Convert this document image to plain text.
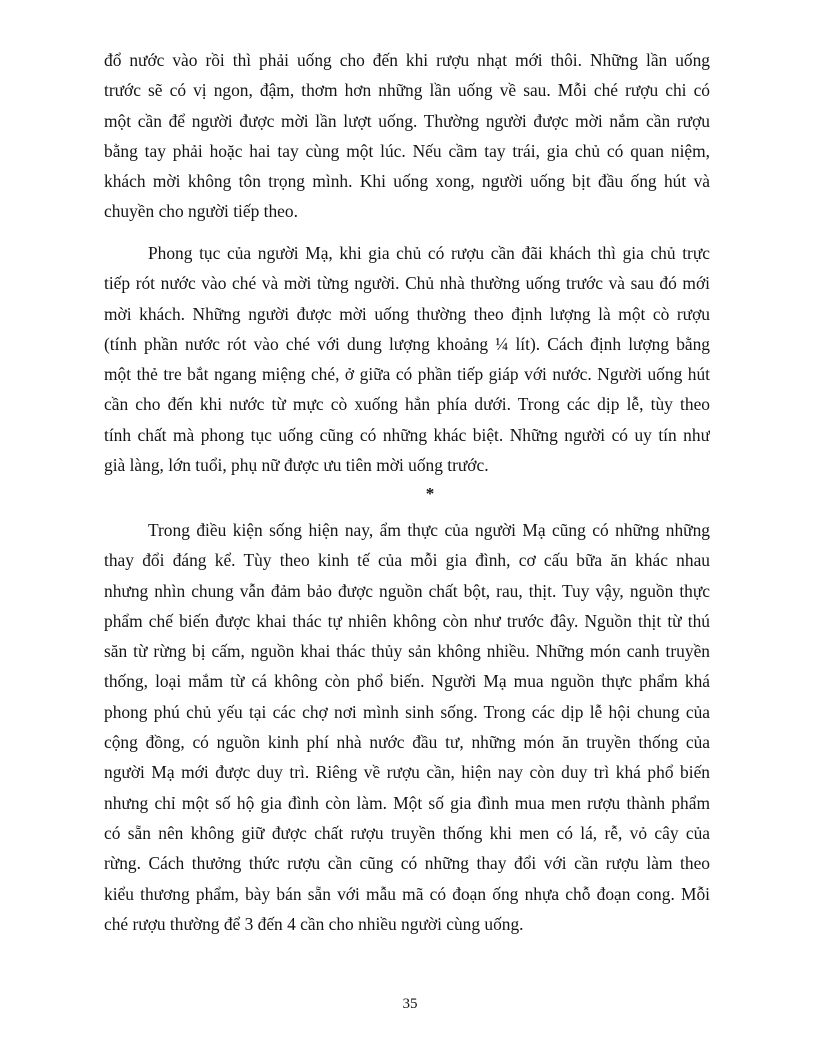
đổ nước vào rồi thì phải uống cho đến khi rượu nhạt mới thôi. Những lần uống
trước sẽ có vị ngon, đậm, thơm hơn những lần uống về sau. Mỗi ché rượu chi có
một cần để người được mời lần lượt uống. Thường người được mời nắm cần rượu
bằng tay phải hoặc hai tay cùng một lúc. Nếu cầm tay trái, gia chủ có quan niệm,
khách mời không tôn trọng mình. Khi uống xong, người uống bịt đầu ống hút và
chuyền cho người tiếp theo.
Phong tục của người Mạ, khi gia chủ có rượu cần đãi khách thì gia chủ trực
tiếp rót nước vào ché và mời từng người. Chủ nhà thường uống trước và sau đó mới
mời khách. Những người được mời uống thường theo định lượng là một cò rượu
(tính phần nước rót vào ché với dung lượng khoảng ¼ lít). Cách định lượng bằng
một thẻ tre bắt ngang miệng ché, ở giữa có phần tiếp giáp với nước. Người uống hút
cần cho đến khi nước từ mực cò xuống hẳn phía dưới. Trong các dịp lễ, tùy theo
tính chất mà phong tục uống cũng có những khác biệt. Những người có uy tín như
già làng, lớn tuổi, phụ nữ được ưu tiên mời uống trước.
*
Trong điều kiện sống hiện nay, ẩm thực của người Mạ cũng có những những
thay đổi đáng kể. Tùy theo kinh tế của mỗi gia đình, cơ cấu bữa ăn khác nhau
nhưng nhìn chung vẫn đảm bảo được nguồn chất bột, rau, thịt. Tuy vậy, nguồn thực
phẩm chế biến được khai thác tự nhiên không còn như trước đây. Nguồn thịt từ thú
săn từ rừng bị cấm, nguồn khai thác thủy sản không nhiều. Những món canh truyền
thống, loại mắm từ cá không còn phổ biến. Người Mạ mua nguồn thực phẩm khá
phong phú chủ yếu tại các chợ nơi mình sinh sống. Trong các dịp lễ hội chung của
cộng đồng, có nguồn kinh phí nhà nước đầu tư, những món ăn truyền thống của
người Mạ mới được duy trì. Riêng về rượu cần, hiện nay còn duy trì khá phổ biến
nhưng chỉ một số hộ gia đình còn làm. Một số gia đình mua men rượu thành phẩm
có sẵn nên không giữ được chất rượu truyền thống khi men có lá, rễ, vỏ cây của
rừng. Cách thưởng thức rượu cần cũng có những thay đổi với cần rượu làm theo
kiểu thương phẩm, bày bán sẵn với mẫu mã có đoạn ống nhựa chỗ đoạn cong. Mỗi
ché rượu thường để 3 đến 4 cần cho nhiều người cùng uống.
35
